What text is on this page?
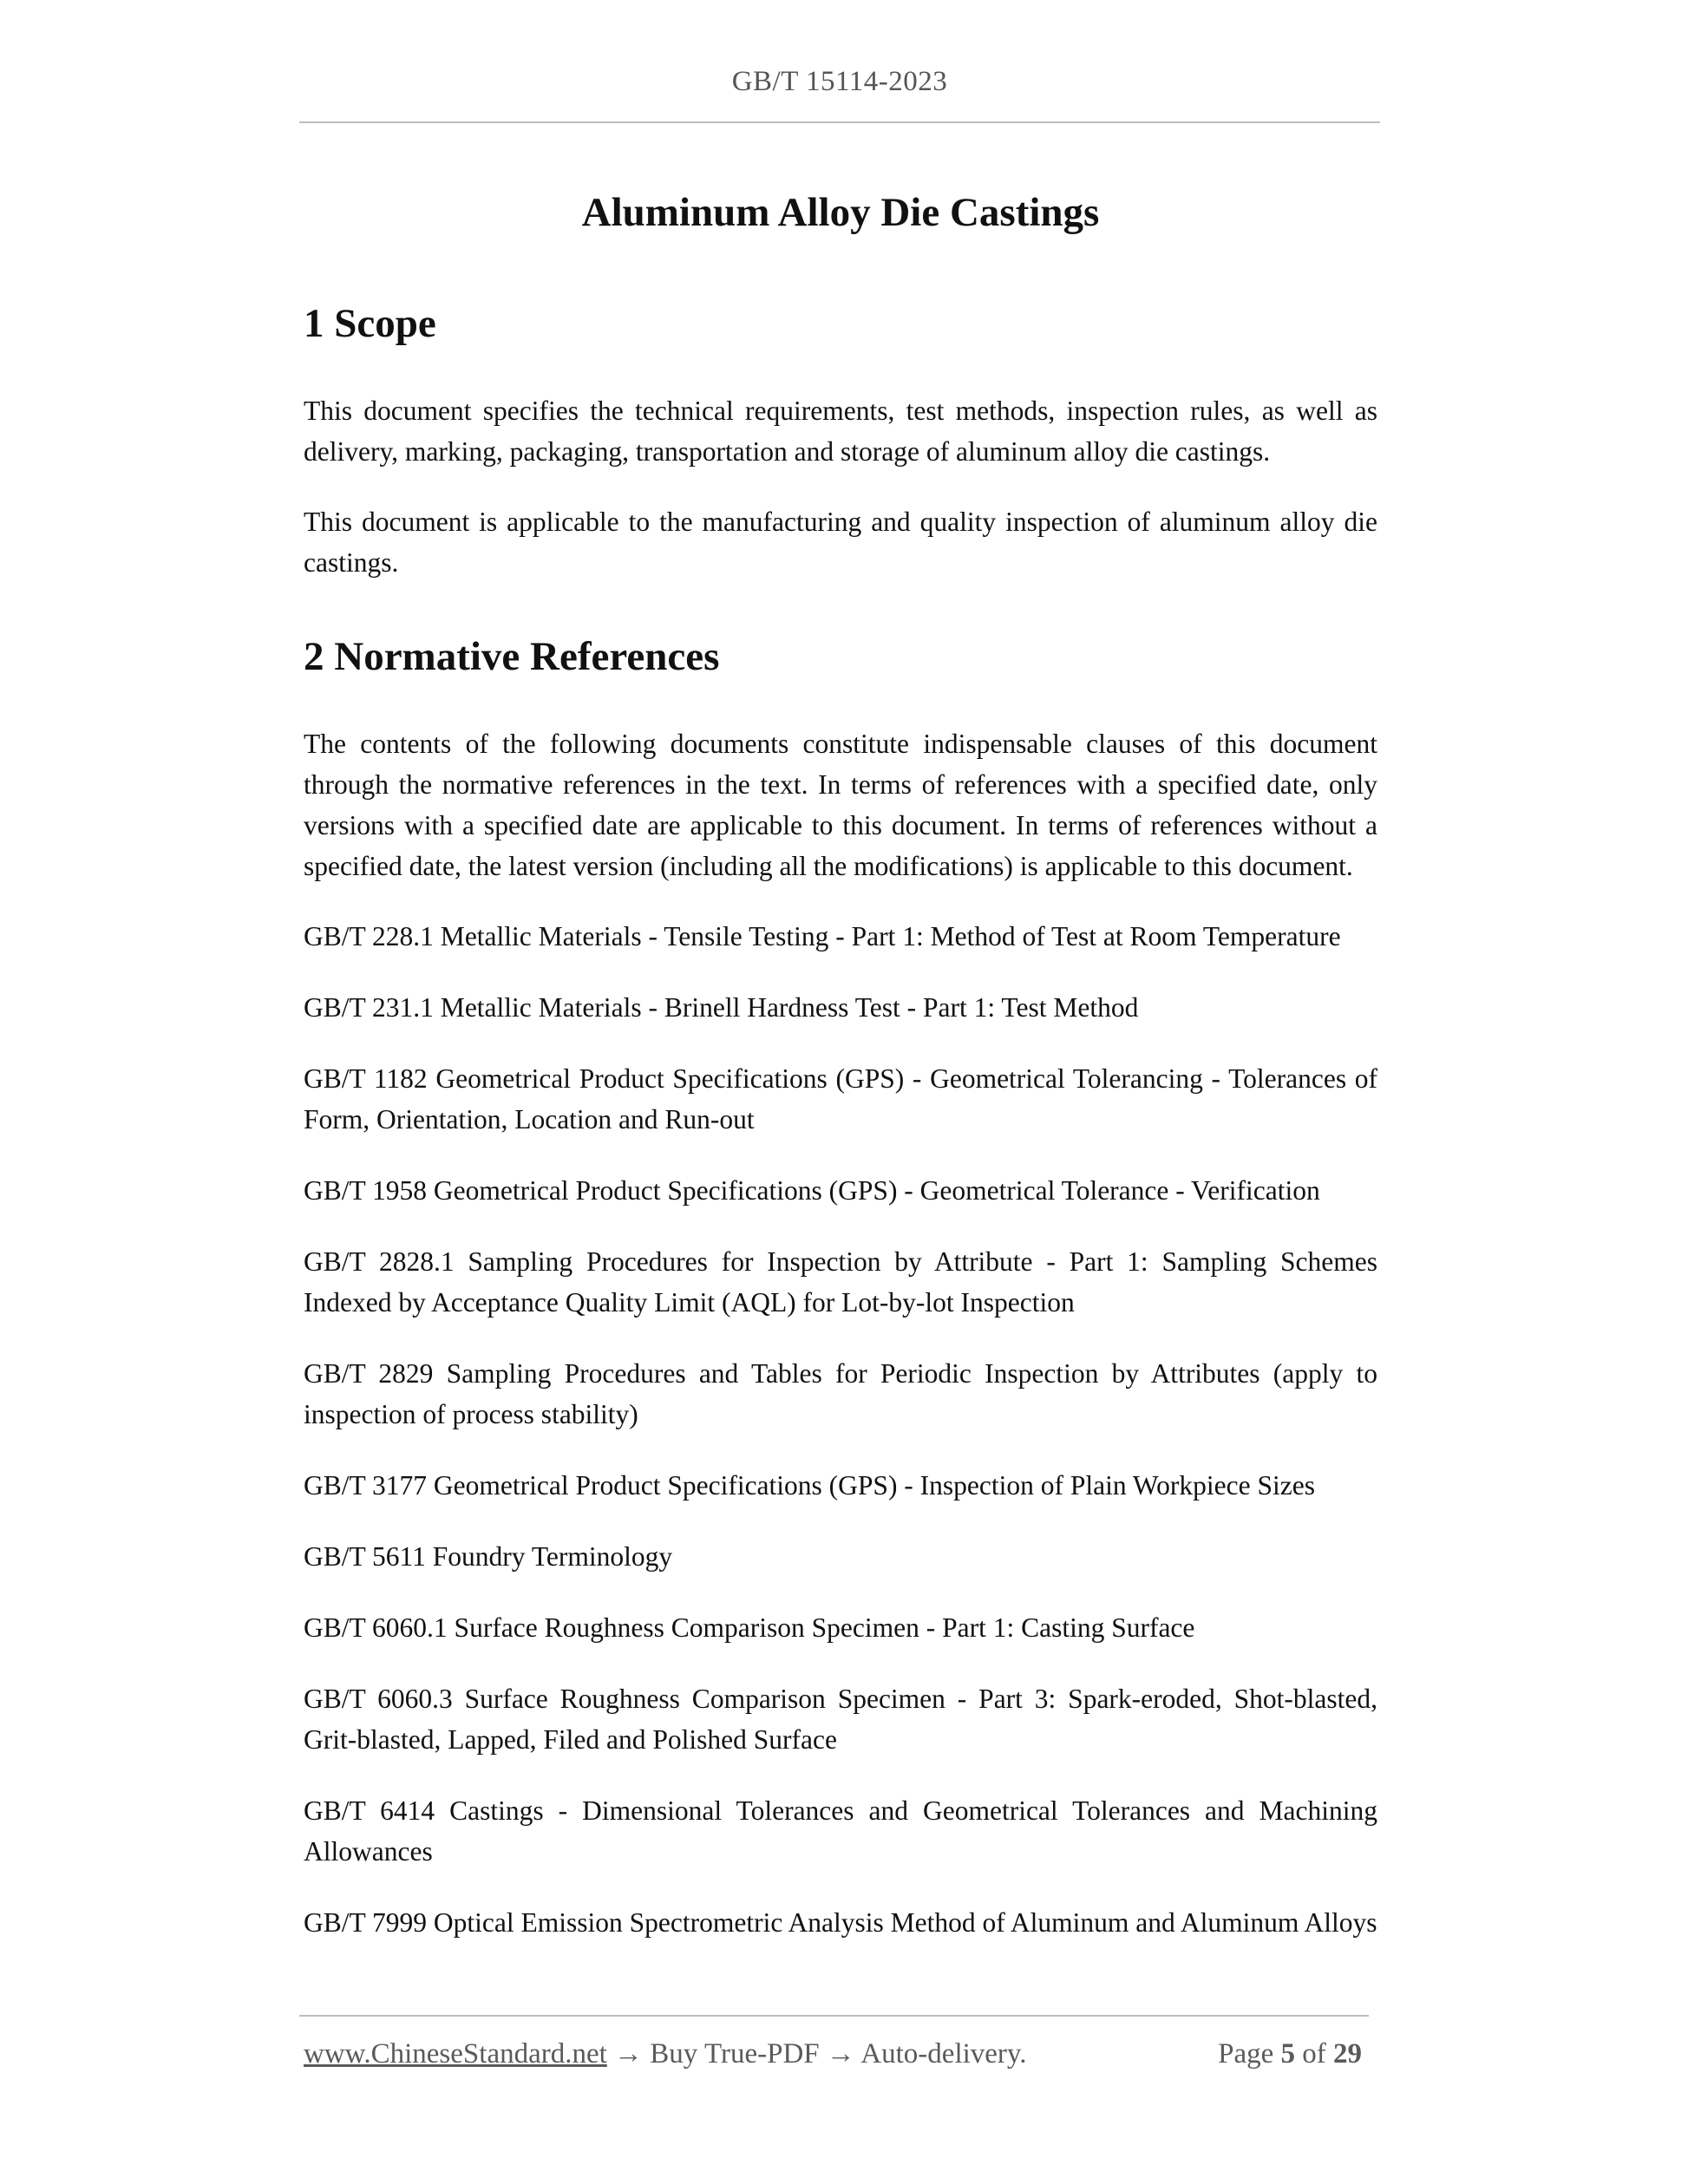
GB/T 15114-2023
Aluminum Alloy Die Castings
1 Scope

This document specifies the technical requirements, test methods, inspection rules, as well as delivery, marking, packaging, transportation and storage of aluminum alloy die castings.

This document is applicable to the manufacturing and quality inspection of aluminum alloy die castings.

2 Normative References

The contents of the following documents constitute indispensable clauses of this document through the normative references in the text. In terms of references with a specified date, only versions with a specified date are applicable to this document. In terms of references without a specified date, the latest version (including all the modifications) is applicable to this document.

GB/T 228.1 Metallic Materials - Tensile Testing - Part 1: Method of Test at Room Temperature
GB/T 231.1 Metallic Materials - Brinell Hardness Test - Part 1: Test Method
GB/T 1182 Geometrical Product Specifications (GPS) - Geometrical Tolerancing - Tolerances of Form, Orientation, Location and Run-out
GB/T 1958 Geometrical Product Specifications (GPS) - Geometrical Tolerance - Verification
GB/T 2828.1 Sampling Procedures for Inspection by Attribute - Part 1: Sampling Schemes Indexed by Acceptance Quality Limit (AQL) for Lot-by-lot Inspection
GB/T 2829 Sampling Procedures and Tables for Periodic Inspection by Attributes (apply to inspection of process stability)
GB/T 3177 Geometrical Product Specifications (GPS) - Inspection of Plain Workpiece Sizes
GB/T 5611 Foundry Terminology
GB/T 6060.1 Surface Roughness Comparison Specimen - Part 1: Casting Surface
GB/T 6060.3 Surface Roughness Comparison Specimen - Part 3: Spark-eroded, Shot-blasted, Grit-blasted, Lapped, Filed and Polished Surface
GB/T 6414 Castings - Dimensional Tolerances and Geometrical Tolerances and Machining Allowances
GB/T 7999 Optical Emission Spectrometric Analysis Method of Aluminum and Aluminum Alloys
www.ChineseStandard.net → Buy True-PDF → Auto-delivery.	Page 5 of 29
